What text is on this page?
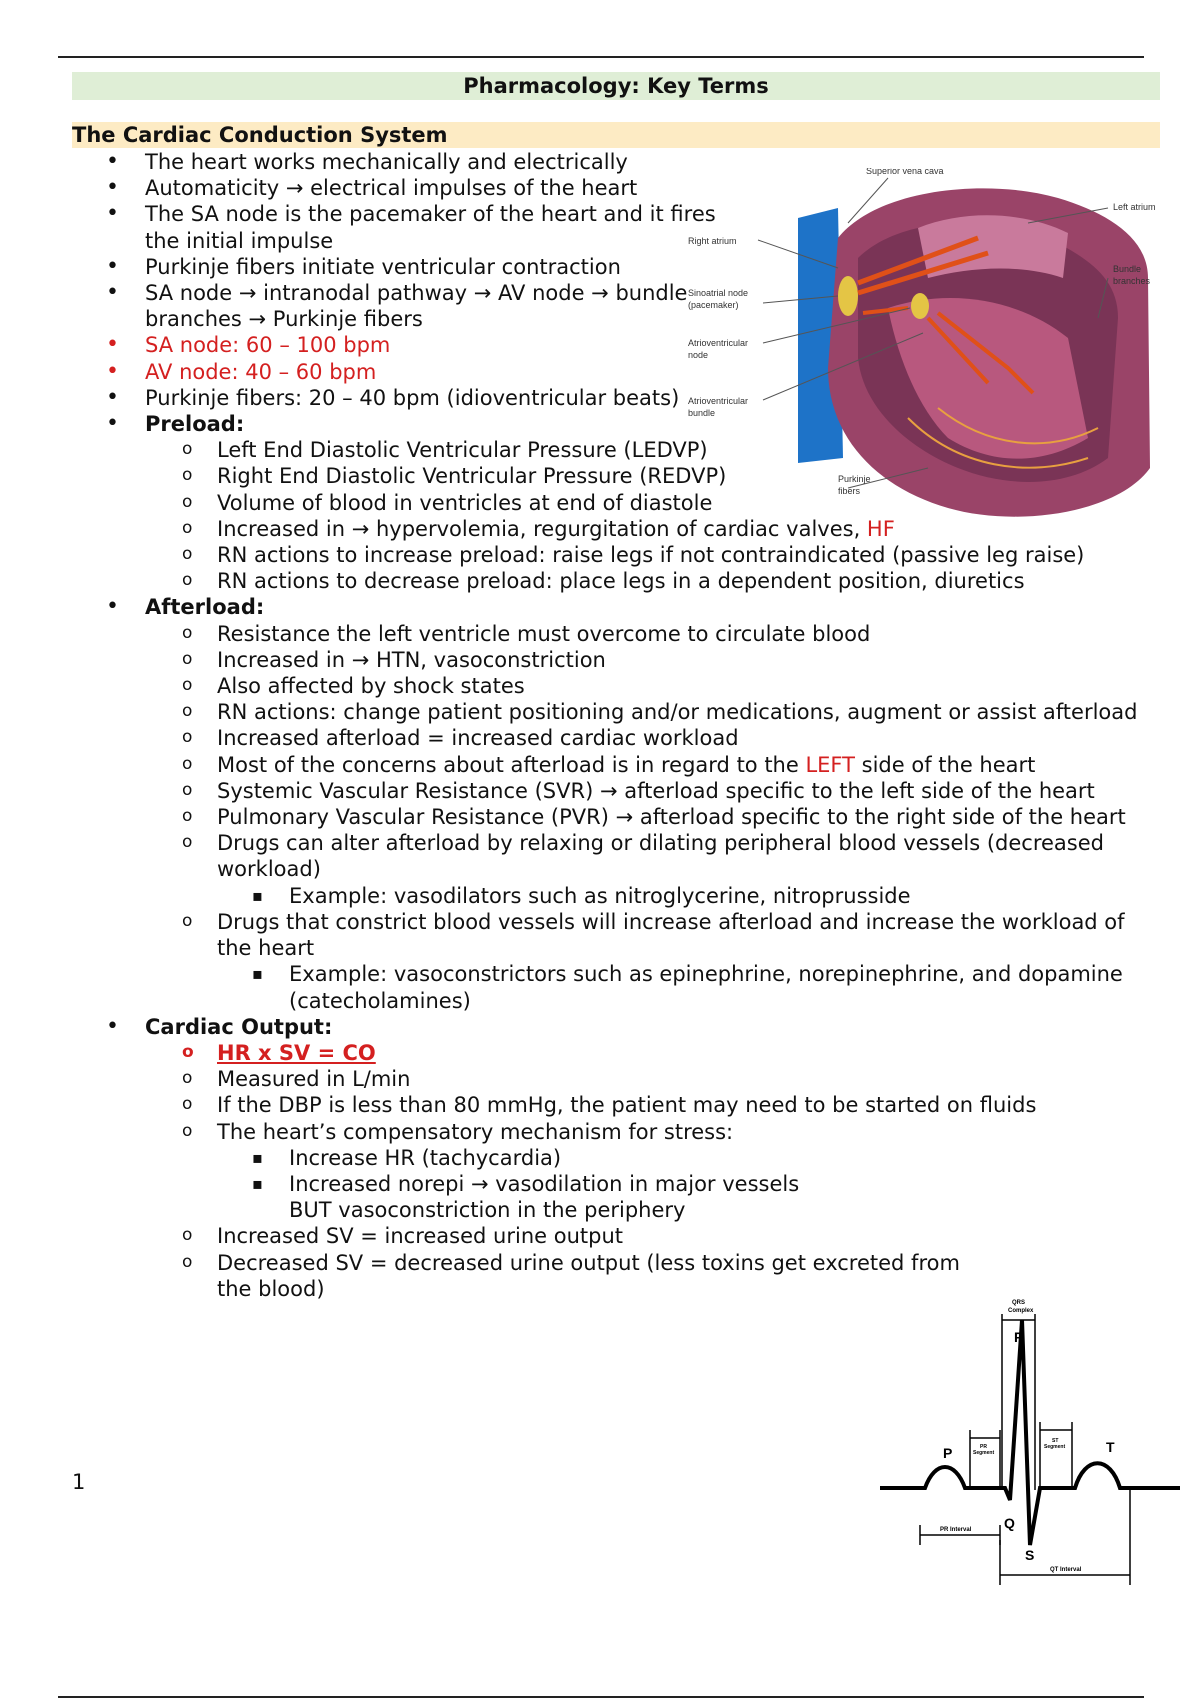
Pharmacology: Key Terms
The Cardiac Conduction System
• The heart works mechanically and electrically
• Automaticity → electrical impulses of the heart
• The SA node is the pacemaker of the heart and it fires the initial impulse
• Purkinje fibers initiate ventricular contraction
• SA node → intranodal pathway → AV node → bundle branches → Purkinje fibers
• SA node: 60 – 100 bpm
• AV node: 40 – 60 bpm
• Purkinje fibers: 20 – 40 bpm (idioventricular beats)
• Preload:
o Left End Diastolic Ventricular Pressure (LEDVP)
o Right End Diastolic Ventricular Pressure (REDVP)
o Volume of blood in ventricles at end of diastole
o Increased in → hypervolemia, regurgitation of cardiac valves, HF
o RN actions to increase preload: raise legs if not contraindicated (passive leg raise)
o RN actions to decrease preload: place legs in a dependent position, diuretics
• Afterload:
o Resistance the left ventricle must overcome to circulate blood
o Increased in → HTN, vasoconstriction
o Also affected by shock states
o RN actions: change patient positioning and/or medications, augment or assist afterload
o Increased afterload = increased cardiac workload
o Most of the concerns about afterload is in regard to the LEFT side of the heart
o Systemic Vascular Resistance (SVR) → afterload specific to the left side of the heart
o Pulmonary Vascular Resistance (PVR) → afterload specific to the right side of the heart
o Drugs can alter afterload by relaxing or dilating peripheral blood vessels (decreased workload)
▪ Example: vasodilators such as nitroglycerine, nitroprusside
o Drugs that constrict blood vessels will increase afterload and increase the workload of the heart
▪ Example: vasoconstrictors such as epinephrine, norepinephrine, and dopamine (catecholamines)
• Cardiac Output:
o HR x SV = CO
o Measured in L/min
o If the DBP is less than 80 mmHg, the patient may need to be started on fluids
o The heart’s compensatory mechanism for stress:
▪ Increase HR (tachycardia)
▪ Increased norepi → vasodilation in major vessels BUT vasoconstriction in the periphery
o Increased SV = increased urine output
o Decreased SV = decreased urine output (less toxins get excreted from the blood)
1
Superior vena cava
Left atrium
Right atrium
Bundle
branches
Sinoatrial node
(pacemaker)
Atrioventricular
node
Atrioventricular
bundle
Purkinje
fibers
QRS
Complex
R
P
Q
S
T
PR
Segment
ST
Segment
PR Interval
QT Interval
